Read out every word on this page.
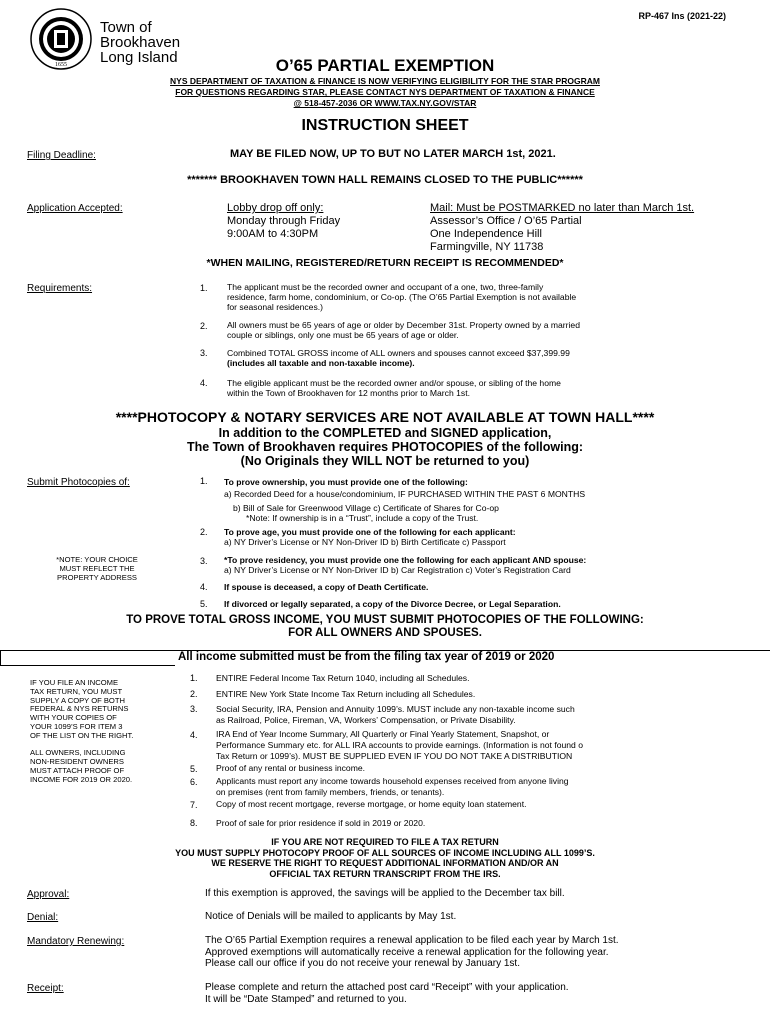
1655
Town of
Brookhaven
Long Island
RP-467 Ins (2021-22)
O’65 PARTIAL EXEMPTION
NYS DEPARTMENT OF TAXATION & FINANCE IS NOW VERIFYING ELIGIBILITY FOR THE STAR PROGRAM
FOR QUESTIONS REGARDING STAR, PLEASE CONTACT NYS DEPARTMENT OF TAXATION & FINANCE
@ 518-457-2036 OR WWW.TAX.NY.GOV/STAR
INSTRUCTION SHEET
Filing Deadline:	MAY BE FILED NOW, UP TO BUT NO LATER MARCH 1st, 2021.
******* BROOKHAVEN TOWN HALL REMAINS CLOSED TO THE PUBLIC******
Application Accepted:	Lobby drop off only:
Monday through Friday
9:00AM to 4:30PM
Mail: Must be POSTMARKED no later than March 1st.
Assessor’s Office / O’65 Partial
One Independence Hill
Farmingville, NY 11738
*WHEN MAILING, REGISTERED/RETURN RECEIPT IS RECOMMENDED*
Requirements:	1. The applicant must be the recorded owner and occupant of a one, two, three-family
residence, farm home, condominium, or Co-op. (The O’65 Partial Exemption is not available
for seasonal residences.)
2. All owners must be 65 years of age or older by December 31st. Property owned by a married
couple or siblings, only one must be 65 years of age or older.
3. Combined TOTAL GROSS income of ALL owners and spouses cannot exceed $37,399.99
(includes all taxable and non-taxable income).
4. The eligible applicant must be the recorded owner and/or spouse, or sibling of the home
within the Town of Brookhaven for 12 months prior to March 1st.
****PHOTOCOPY & NOTARY SERVICES ARE NOT AVAILABLE AT TOWN HALL****
In addition to the COMPLETED and SIGNED application,
The Town of Brookhaven requires PHOTOCOPIES of the following:
(No Originals they WILL NOT be returned to you)
Submit Photocopies of:	1. To prove ownership, you must provide one of the following:
a) Recorded Deed for a house/condominium, IF PURCHASED WITHIN THE PAST 6 MONTHS
b) Bill of Sale for Greenwood Village c) Certificate of Shares for Co-op
*Note: If ownership is in a “Trust”, include a copy of the Trust.
2. To prove age, you must provide one of the following for each applicant:
a) NY Driver’s License or NY Non-Driver ID b) Birth Certificate c) Passport
*NOTE: YOUR CHOICE
MUST REFLECT THE
PROPERTY ADDRESS
3. *To prove residency, you must provide one the following for each applicant AND spouse:
a) NY Driver’s License or NY Non-Driver ID b) Car Registration c) Voter’s Registration Card
4. If spouse is deceased, a copy of Death Certificate.
5. If divorced or legally separated, a copy of the Divorce Decree, or Legal Separation.
TO PROVE TOTAL GROSS INCOME, YOU MUST SUBMIT PHOTOCOPIES OF THE FOLLOWING:
FOR ALL OWNERS AND SPOUSES.
All income submitted must be from the filing tax year of 2019 or 2020
IF YOU FILE AN INCOME
TAX RETURN, YOU MUST
SUPPLY A COPY OF BOTH
FEDERAL & NYS RETURNS
WITH YOUR COPIES OF
YOUR 1099’S FOR ITEM 3
OF THE LIST ON THE RIGHT.
ALL OWNERS, INCLUDING
NON-RESIDENT OWNERS
MUST ATTACH PROOF OF
INCOME FOR 2019 OR 2020.
1. ENTIRE Federal Income Tax Return 1040, including all Schedules.
2. ENTIRE New York State Income Tax Return including all Schedules.
3. Social Security, IRA, Pension and Annuity 1099’s. MUST include any non-taxable income such
as Railroad, Police, Fireman, VA, Workers’ Compensation, or Private Disability.
4. IRA End of Year Income Summary, All Quarterly or Final Yearly Statement, Snapshot, or
Performance Summary etc. for ALL IRA accounts to provide earnings. (Information is not found o
Tax Return or 1099’s). MUST BE SUPPLIED EVEN IF YOU DO NOT TAKE A DISTRIBUTION
5. Proof of any rental or business income.
6. Applicants must report any income towards household expenses received from anyone living
on premises (rent from family members, friends, or tenants).
7. Copy of most recent mortgage, reverse mortgage, or home equity loan statement.
8. Proof of sale for prior residence if sold in 2019 or 2020.
IF YOU ARE NOT REQUIRED TO FILE A TAX RETURN
YOU MUST SUPPLY PHOTOCOPY PROOF OF ALL SOURCES OF INCOME INCLUDING ALL 1099’S.
WE RESERVE THE RIGHT TO REQUEST ADDITIONAL INFORMATION AND/OR AN
OFFICIAL TAX RETURN TRANSCRIPT FROM THE IRS.
Approval:	If this exemption is approved, the savings will be applied to the December tax bill.
Denial:	Notice of Denials will be mailed to applicants by May 1st.
Mandatory Renewing:	The O’65 Partial Exemption requires a renewal application to be filed each year by March 1st.
Approved exemptions will automatically receive a renewal application for the following year.
Please call our office if you do not receive your renewal by January 1st.
Receipt:	Please complete and return the attached post card “Receipt” with your application.
It will be “Date Stamped” and returned to you.
